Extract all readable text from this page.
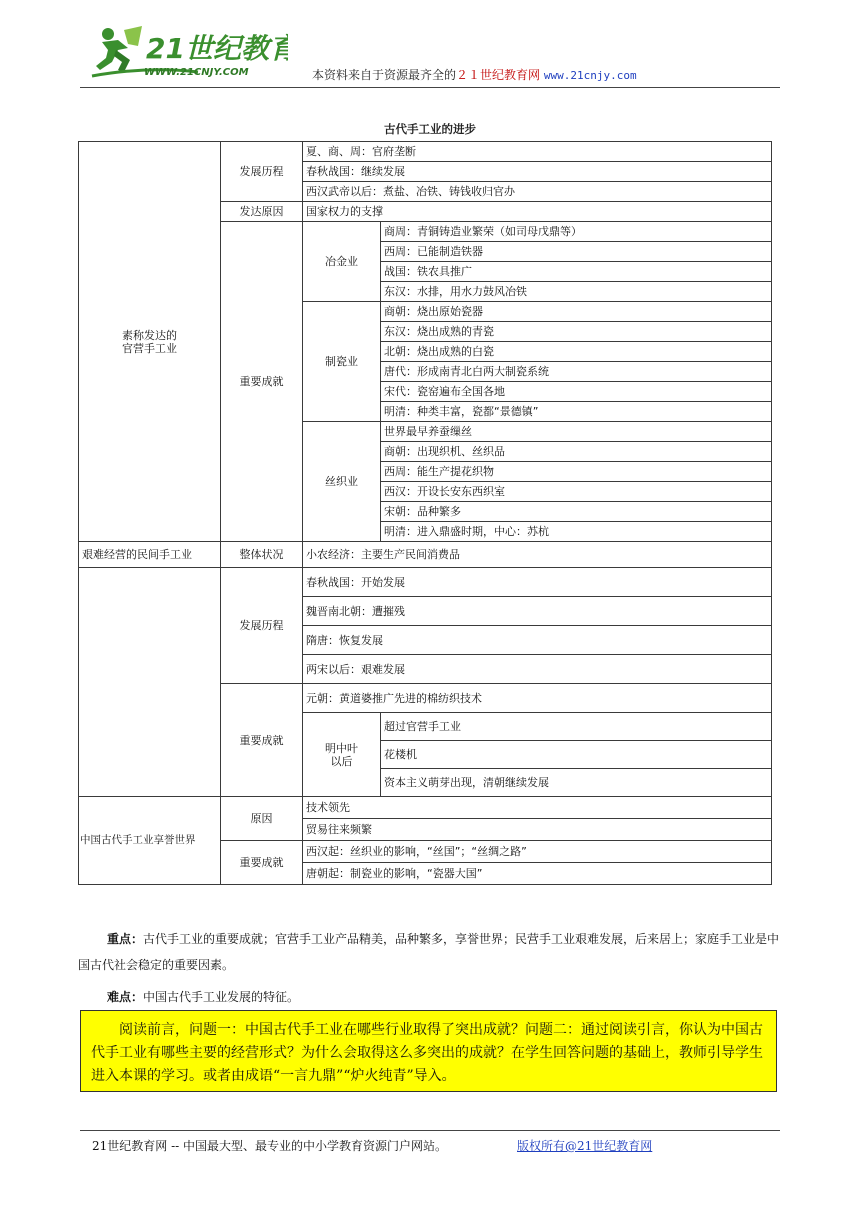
21世纪教育
WWW.21CNJY.COM	本资料来自于资源最齐全的２１世纪教育网 www.21cnjy.com
古代手工业的进步
素称发达的
官营手工业	发展历程	夏、商、周：官府垄断	
		春秋战国：继续发展	
		西汉武帝以后：煮盐、冶铁、铸钱收归官办	
	发达原因	国家权力的支撑	
	重要成就	冶金业	商周：青铜铸造业繁荣（如司母戊鼎等）
			西周：已能制造铁器
			战国：铁农具推广
			东汉：水排，用水力鼓风冶铁
		制瓷业	商朝：烧出原始瓷器
			东汉：烧出成熟的青瓷
			北朝：烧出成熟的白瓷
			唐代：形成南青北白两大制瓷系统
			宋代：瓷窑遍布全国各地
			明清：种类丰富，瓷都“景德镇”
		丝织业	世界最早养蚕缫丝
			商朝：出现织机、丝织品
			西周：能生产提花织物
			西汉：开设长安东西织室
			宋朝：品种繁多
			明清：进入鼎盛时期，中心：苏杭
艰难经营的民间手工业	整体状况	小农经济：主要生产民间消费品	
	发展历程	春秋战国：开始发展	
		魏晋南北朝：遭摧残	
		隋唐：恢复发展	
		两宋以后：艰难发展	
	重要成就	元朝：黄道婆推广先进的棉纺织技术	
		明中叶
以后	超过官营手工业
			花楼机
			资本主义萌芽出现，清朝继续发展
中国古代手工业享誉世界	原因	技术领先	
		贸易往来频繁	
	重要成就	西汉起：丝织业的影响，“丝国”；“丝绸之路”	
		唐朝起：制瓷业的影响，“瓷器大国”	
重点：古代手工业的重要成就；官营手工业产品精美，品种繁多，享誉世界；民营手工业艰难发展，后来居上；家庭手工业是中国古代社会稳定的重要因素。
难点：中国古代手工业发展的特征。
阅读前言，问题一：中国古代手工业在哪些行业取得了突出成就？问题二：通过阅读引言，你认为中国古代手工业有哪些主要的经营形式？为什么会取得这么多突出的成就？在学生回答问题的基础上，教师引导学生进入本课的学习。或者由成语“一言九鼎”“炉火纯青”导入。
21世纪教育网 -- 中国最大型、最专业的中小学教育资源门户网站。	版权所有@21世纪教育网
